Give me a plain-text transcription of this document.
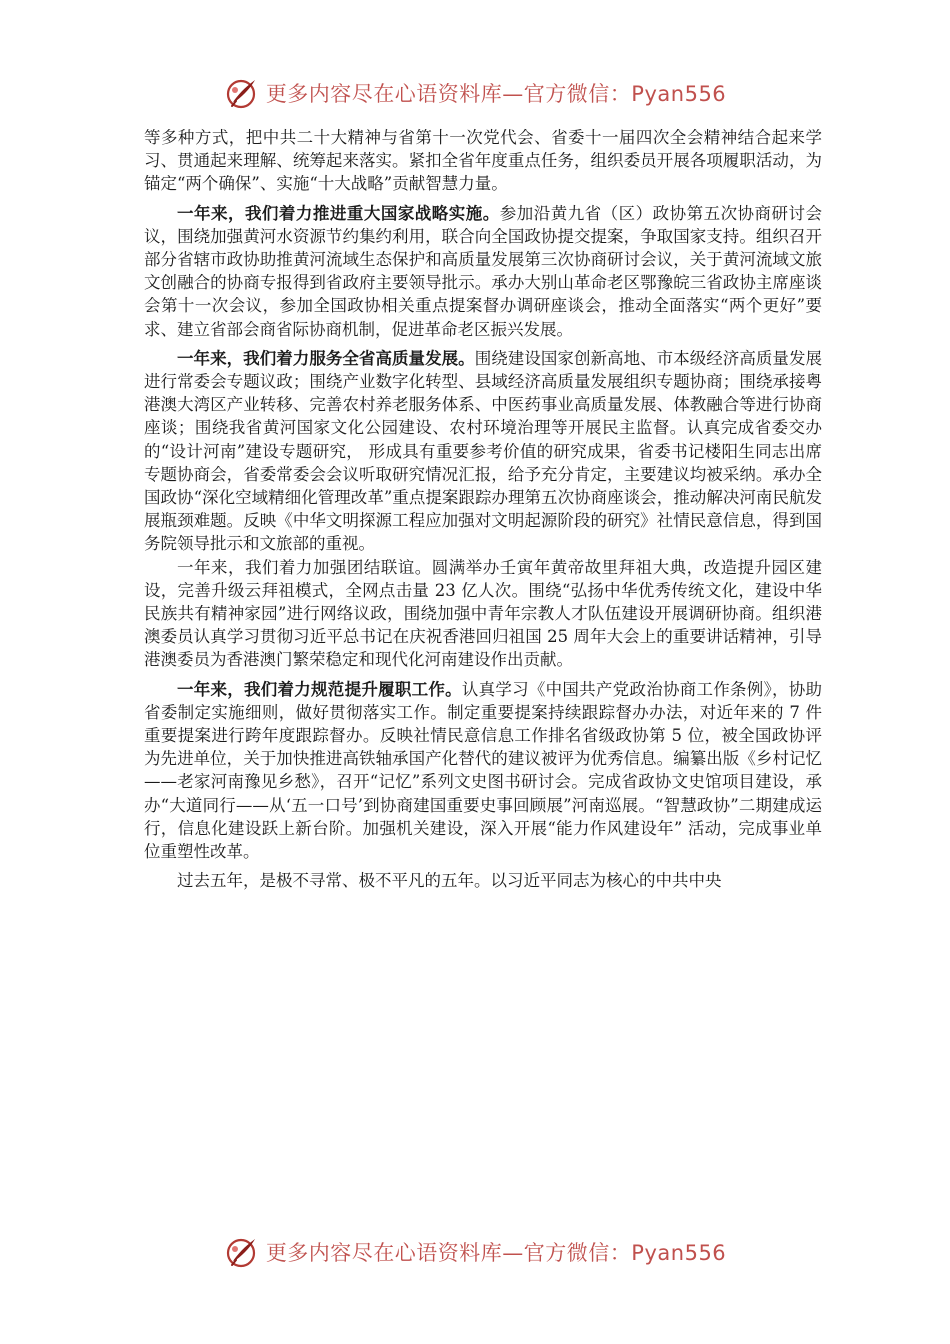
更多内容尽在心语资料库—官方微信：Pyan556

等多种方式，把中共二十大精神与省第十一次党代会、省委十一届四次全会精神结合起来学习、贯通起来理解、统筹起来落实。紧扣全省年度重点任务，组织委员开展各项履职活动，为锚定“两个确保”、实施“十大战略”贡献智慧力量。

一年来，我们着力推进重大国家战略实施。参加沿黄九省（区）政协第五次协商研讨会议，围绕加强黄河水资源节约集约利用，联合向全国政协提交提案，争取国家支持。组织召开部分省辖市政协助推黄河流域生态保护和高质量发展第三次协商研讨会议，关于黄河流域文旅文创融合的协商专报得到省政府主要领导批示。承办大别山革命老区鄂豫皖三省政协主席座谈会第十一次会议，参加全国政协相关重点提案督办调研座谈会，推动全面落实“两个更好”要求、建立省部会商省际协商机制，促进革命老区振兴发展。

一年来，我们着力服务全省高质量发展。围绕建设国家创新高地、市本级经济高质量发展进行常委会专题议政；围绕产业数字化转型、县域经济高质量发展组织专题协商；围绕承接粤港澳大湾区产业转移、完善农村养老服务体系、中医药事业高质量发展、体教融合等进行协商座谈；围绕我省黄河国家文化公园建设、农村环境治理等开展民主监督。认真完成省委交办的“设计河南”建设专题研究， 形成具有重要参考价值的研究成果，省委书记楼阳生同志出席专题协商会，省委常委会会议听取研究情况汇报，给予充分肯定，主要建议均被采纳。承办全国政协“深化空域精细化管理改革”重点提案跟踪办理第五次协商座谈会，推动解决河南民航发展瓶颈难题。反映《中华文明探源工程应加强对文明起源阶段的研究》社情民意信息，得到国务院领导批示和文旅部的重视。

一年来，我们着力加强团结联谊。圆满举办壬寅年黄帝故里拜祖大典，改造提升园区建设，完善升级云拜祖模式，全网点击量 23 亿人次。围绕“弘扬中华优秀传统文化，建设中华民族共有精神家园”进行网络议政，围绕加强中青年宗教人才队伍建设开展调研协商。组织港澳委员认真学习贯彻习近平总书记在庆祝香港回归祖国 25 周年大会上的重要讲话精神，引导港澳委员为香港澳门繁荣稳定和现代化河南建设作出贡献。

一年来，我们着力规范提升履职工作。认真学习《中国共产党政治协商工作条例》，协助省委制定实施细则，做好贯彻落实工作。制定重要提案持续跟踪督办办法，对近年来的 7 件重要提案进行跨年度跟踪督办。反映社情民意信息工作排名省级政协第 5 位，被全国政协评为先进单位，关于加快推进高铁轴承国产化替代的建议被评为优秀信息。编纂出版《乡村记忆——老家河南豫见乡愁》，召开“记忆”系列文史图书研讨会。完成省政协文史馆项目建设，承办“大道同行——从‘五一口号’到协商建国重要史事回顾展”河南巡展。“智慧政协”二期建成运行，信息化建设跃上新台阶。加强机关建设，深入开展“能力作风建设年” 活动，完成事业单位重塑性改革。

过去五年，是极不寻常、极不平凡的五年。以习近平同志为核心的中共中央

更多内容尽在心语资料库—官方微信：Pyan556
